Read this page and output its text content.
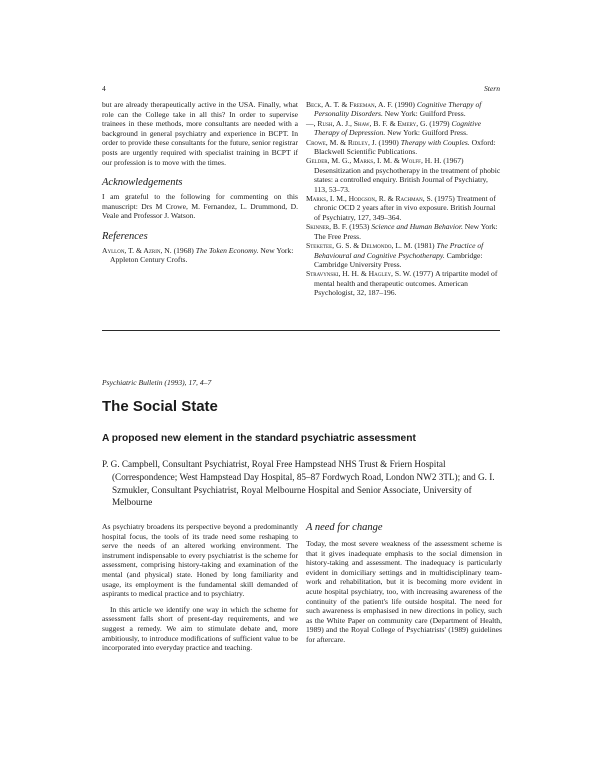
4	Stern

but are already therapeutically active in the USA. Finally, what role can the College take in all this? In order to supervise trainees in these methods, more consultants are needed with a background in general psychiatry and experience in BCPT. In order to provide these consultants for the future, senior registrar posts are urgently required with specialist training in BCPT if our profession is to move with the times.

Acknowledgements

I am grateful to the following for commenting on this manuscript: Drs M Crowe, M. Fernandez, L. Drummond, D. Veale and Professor J. Watson.

References

Ayllon, T. & Azrin, N. (1968) The Token Economy. New York: Appleton Century Crofts.

Beck, A. T. & Freeman, A. F. (1990) Cognitive Therapy of Personality Disorders. New York: Guilford Press.

—, Rush, A. J., Shaw, B. F. & Emery, G. (1979) Cognitive Therapy of Depression. New York: Guilford Press.

Crowe, M. & Ridley, J. (1990) Therapy with Couples. Oxford: Blackwell Scientific Publications.

Gelder, M. G., Marks, I. M. & Wolff, H. H. (1967) Desensitization and psychotherapy in the treatment of phobic states: a controlled enquiry. British Journal of Psychiatry, 113, 53–73.

Marks, I. M., Hodgson, R. & Rachman, S. (1975) Treatment of chronic OCD 2 years after in vivo exposure. British Journal of Psychiatry, 127, 349–364.

Skinner, B. F. (1953) Science and Human Behavior. New York: The Free Press.

Steketee, G. S. & Delmondo, L. M. (1981) The Practice of Behavioural and Cognitive Psychotherapy. Cambridge: Cambridge University Press.

Stravynski, H. H. & Hagley, S. W. (1977) A tripartite model of mental health and therapeutic outcomes. American Psychologist, 32, 187–196.

Psychiatric Bulletin (1993), 17, 4–7
The Social State
A proposed new element in the standard psychiatric assessment
P. G. Campbell, Consultant Psychiatrist, Royal Free Hampstead NHS Trust & Friern Hospital (Correspondence; West Hampstead Day Hospital, 85–87 Fordwych Road, London NW2 3TL); and G. I. Szmukler, Consultant Psychiatrist, Royal Melbourne Hospital and Senior Associate, University of Melbourne

As psychiatry broadens its perspective beyond a predominantly hospital focus, the tools of its trade need some reshaping to serve the needs of an altered working environment. The instrument indispensable to every psychiatrist is the scheme for assessment, comprising history-taking and examination of the mental (and physical) state. Honed by long familiarity and usage, its employment is the fundamental skill demanded of aspirants to medical practice and to psychiatry.

In this article we identify one way in which the scheme for assessment falls short of present-day requirements, and we suggest a remedy. We aim to stimulate debate and, more ambitiously, to introduce modifications of sufficient value to be incorporated into everyday practice and teaching.

A need for change

Today, the most severe weakness of the assessment scheme is that it gives inadequate emphasis to the social dimension in history-taking and assessment. The inadequacy is particularly evident in domiciliary settings and in multidisciplinary team-work and rehabilitation, but it is becoming more evident in acute hospital psychiatry, too, with increasing awareness of the continuity of the patient's life outside hospital. The need for such awareness is emphasised in new directions in policy, such as the White Paper on community care (Department of Health, 1989) and the Royal College of Psychiatrists' (1989) guidelines for aftercare.
